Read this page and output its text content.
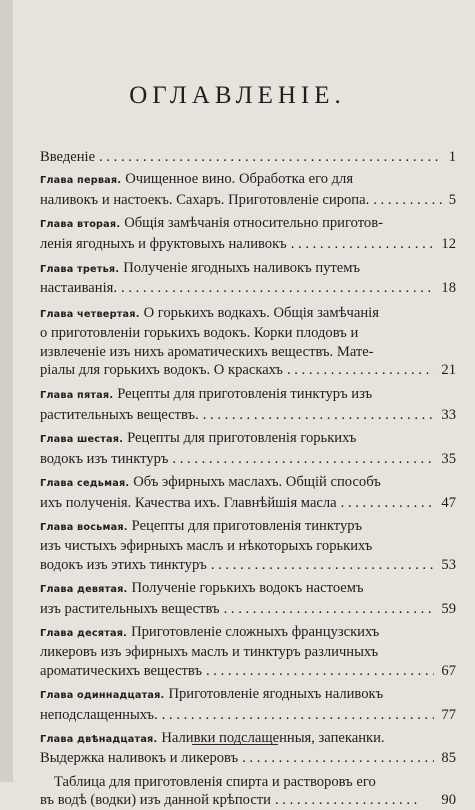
ОГЛАВЛЕНІЕ.
1
Введеніе . . .
Глава первая. Очищенное вино. Обработка его для
5
наливокъ и настоекъ. Сахаръ. Приготовленіе сиропа. . . .
Глава вторая. Общія замѣчанія относительно приготов-
12
ленія ягодныхъ и фруктовыхъ наливокъ . . .
Глава третья. Полученіе ягодныхъ наливокъ путемъ
18
настаиванія. . . .
Глава четвертая. О горькихъ водкахъ. Общія замѣчанія
о приготовленіи горькихъ водокъ. Корки плодовъ и
извлеченіе изъ нихъ ароматическихъ веществъ. Мате-
21
ріалы для горькихъ водокъ. О краскахъ . . .
Глава пятая. Рецепты для приготовленія тинктуръ изъ
33
растительныхъ веществъ. . . .
Глава шестая. Рецепты для приготовленія горькихъ
35
водокъ изъ тинктуръ . . .
Глава седьмая. Объ эфирныхъ маслахъ. Общій способъ
47
ихъ полученія. Качества ихъ. Главнѣйшія масла . . .
Глава восьмая. Рецепты для приготовленія тинктуръ
изъ чистыхъ эфирныхъ маслъ и нѣкоторыхъ горькихъ
53
водокъ изъ этихъ тинктуръ . . .
Глава девятая. Полученіе горькихъ водокъ настоемъ
59
изъ растительныхъ веществъ . . .
Глава десятая. Приготовленіе сложныхъ французскихъ
ликеровъ изъ эфирныхъ маслъ и тинктуръ различныхъ
67
ароматическихъ веществъ . . .
Глава одиннадцатая. Приготовленіе ягодныхъ наливокъ
77
неподслащенныхъ. . . .
Глава двѣнадцатая. Наливки подслащенныя, запеканки.
85
Выдержка наливокъ и ликеровъ . . .
Таблица для приготовленія спирта и растворовъ его
90
въ водѣ (водки) изъ данной крѣпости . . .
